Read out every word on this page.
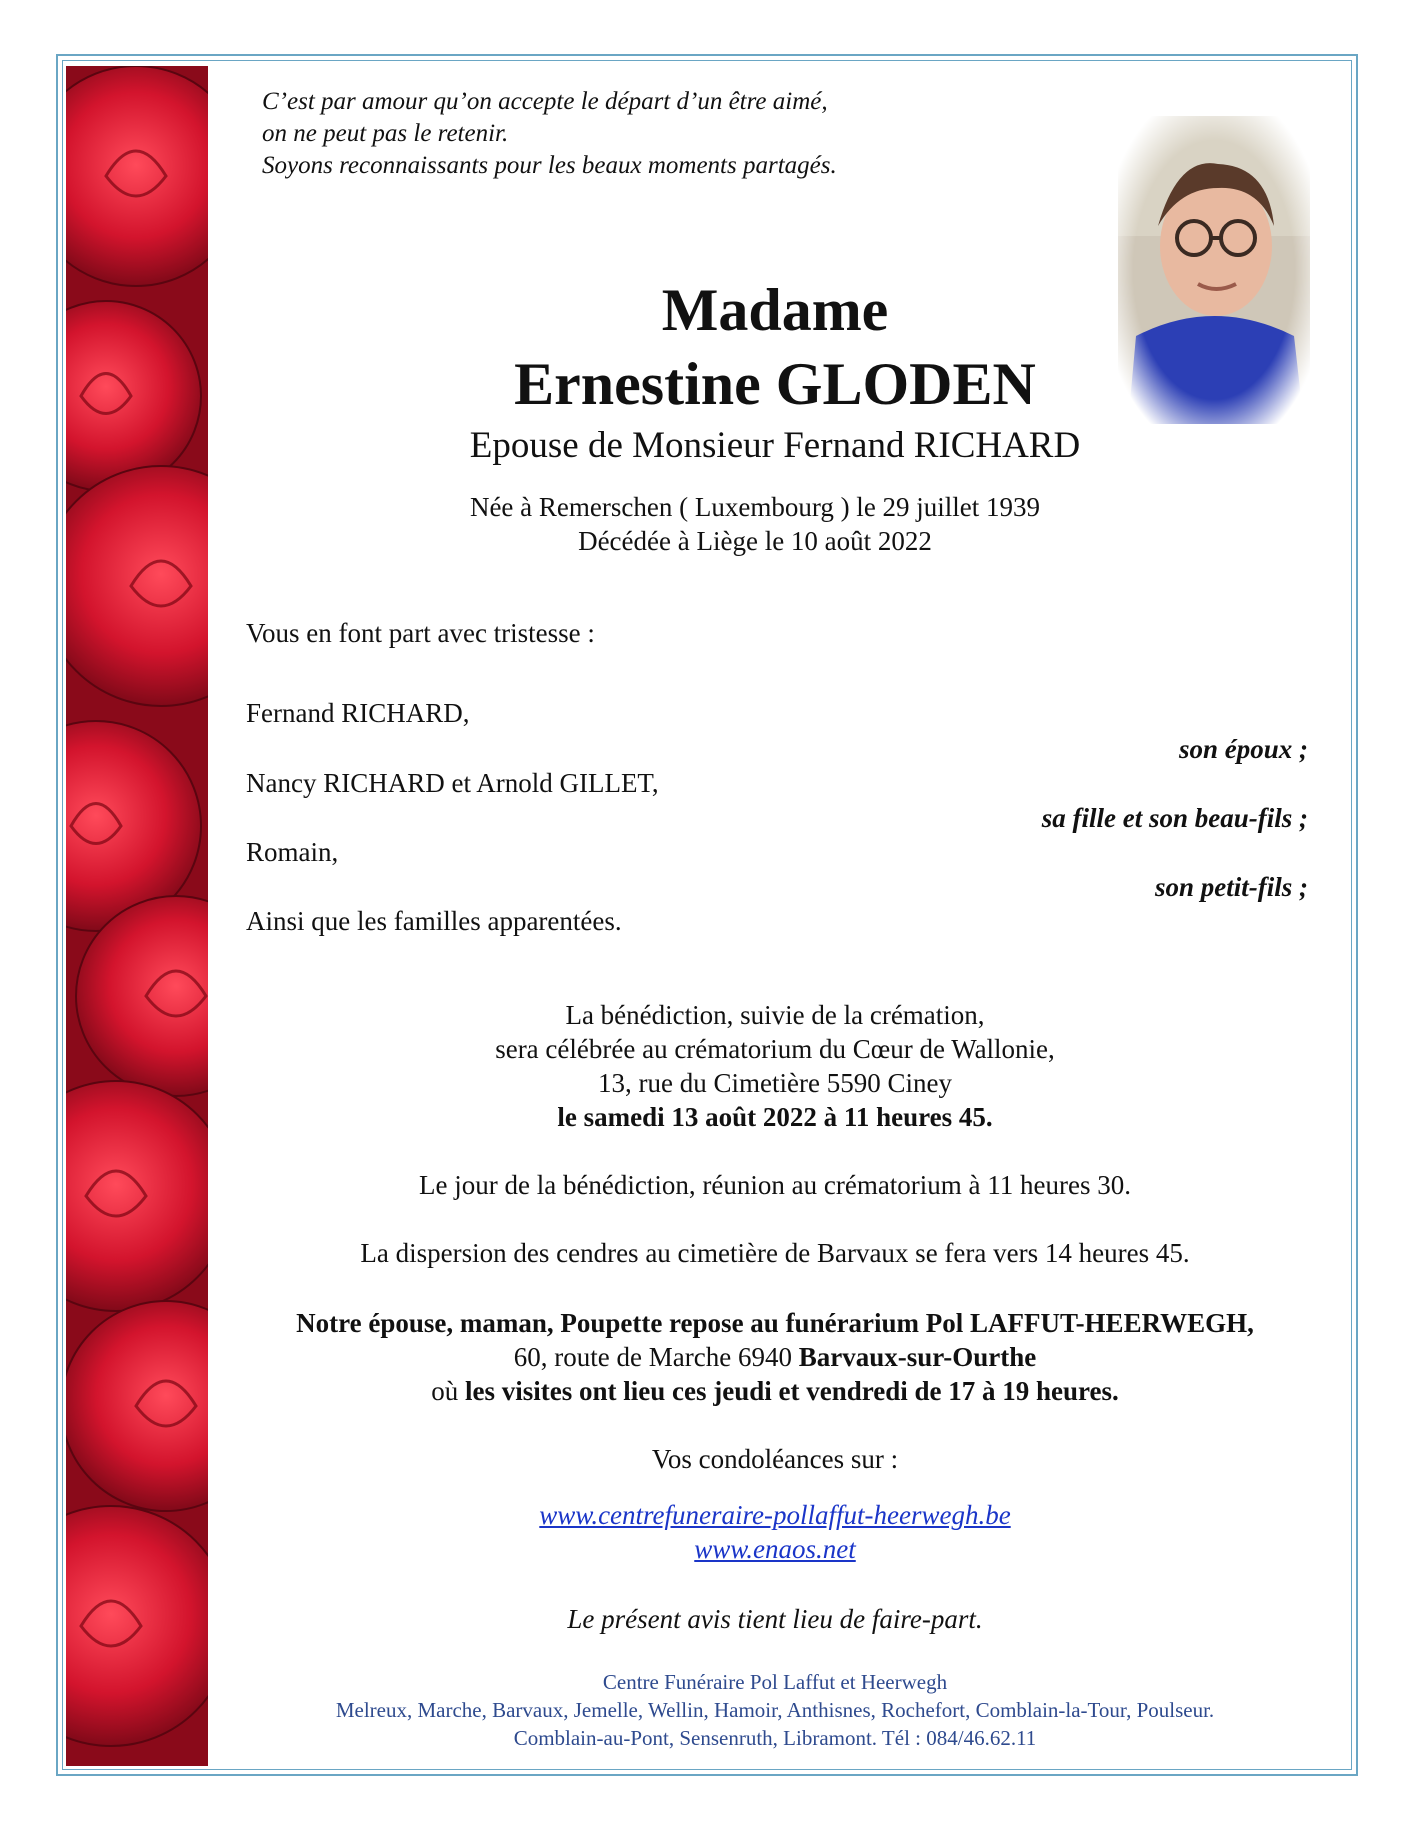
C’est par amour qu’on accepte le départ d’un être aimé,
on ne peut pas le retenir.
Soyons reconnaissants pour les beaux moments partagés.
Madame
Ernestine GLODEN
Epouse de Monsieur Fernand RICHARD
Née à Remerschen ( Luxembourg ) le 29 juillet 1939
Décédée à Liège le 10 août 2022
Vous en font part avec tristesse :
Fernand RICHARD,
son époux ;
Nancy RICHARD et Arnold GILLET,
sa fille et son beau-fils ;
Romain,
son petit-fils ;
Ainsi que les familles apparentées.
La bénédiction, suivie de la crémation,
sera célébrée au crématorium du Cœur de Wallonie,
13, rue du Cimetière 5590 Ciney
le samedi 13 août 2022 à 11 heures 45.
Le jour de la bénédiction, réunion au crématorium à 11 heures 30.
La dispersion des cendres au cimetière de Barvaux se fera vers 14 heures 45.
Notre épouse, maman, Poupette repose au funérarium Pol LAFFUT-HEERWEGH,
60, route de Marche 6940 Barvaux-sur-Ourthe
où les visites ont lieu ces jeudi et vendredi de 17 à 19 heures.
Vos condoléances sur :
www.centrefuneraire-pollaffut-heerwegh.be
www.enaos.net
Le présent avis tient lieu de faire-part.
Centre Funéraire Pol Laffut et Heerwegh
Melreux, Marche, Barvaux, Jemelle, Wellin, Hamoir, Anthisnes, Rochefort, Comblain-la-Tour, Poulseur.
Comblain-au-Pont, Sensenruth, Libramont. Tél : 084/46.62.11
